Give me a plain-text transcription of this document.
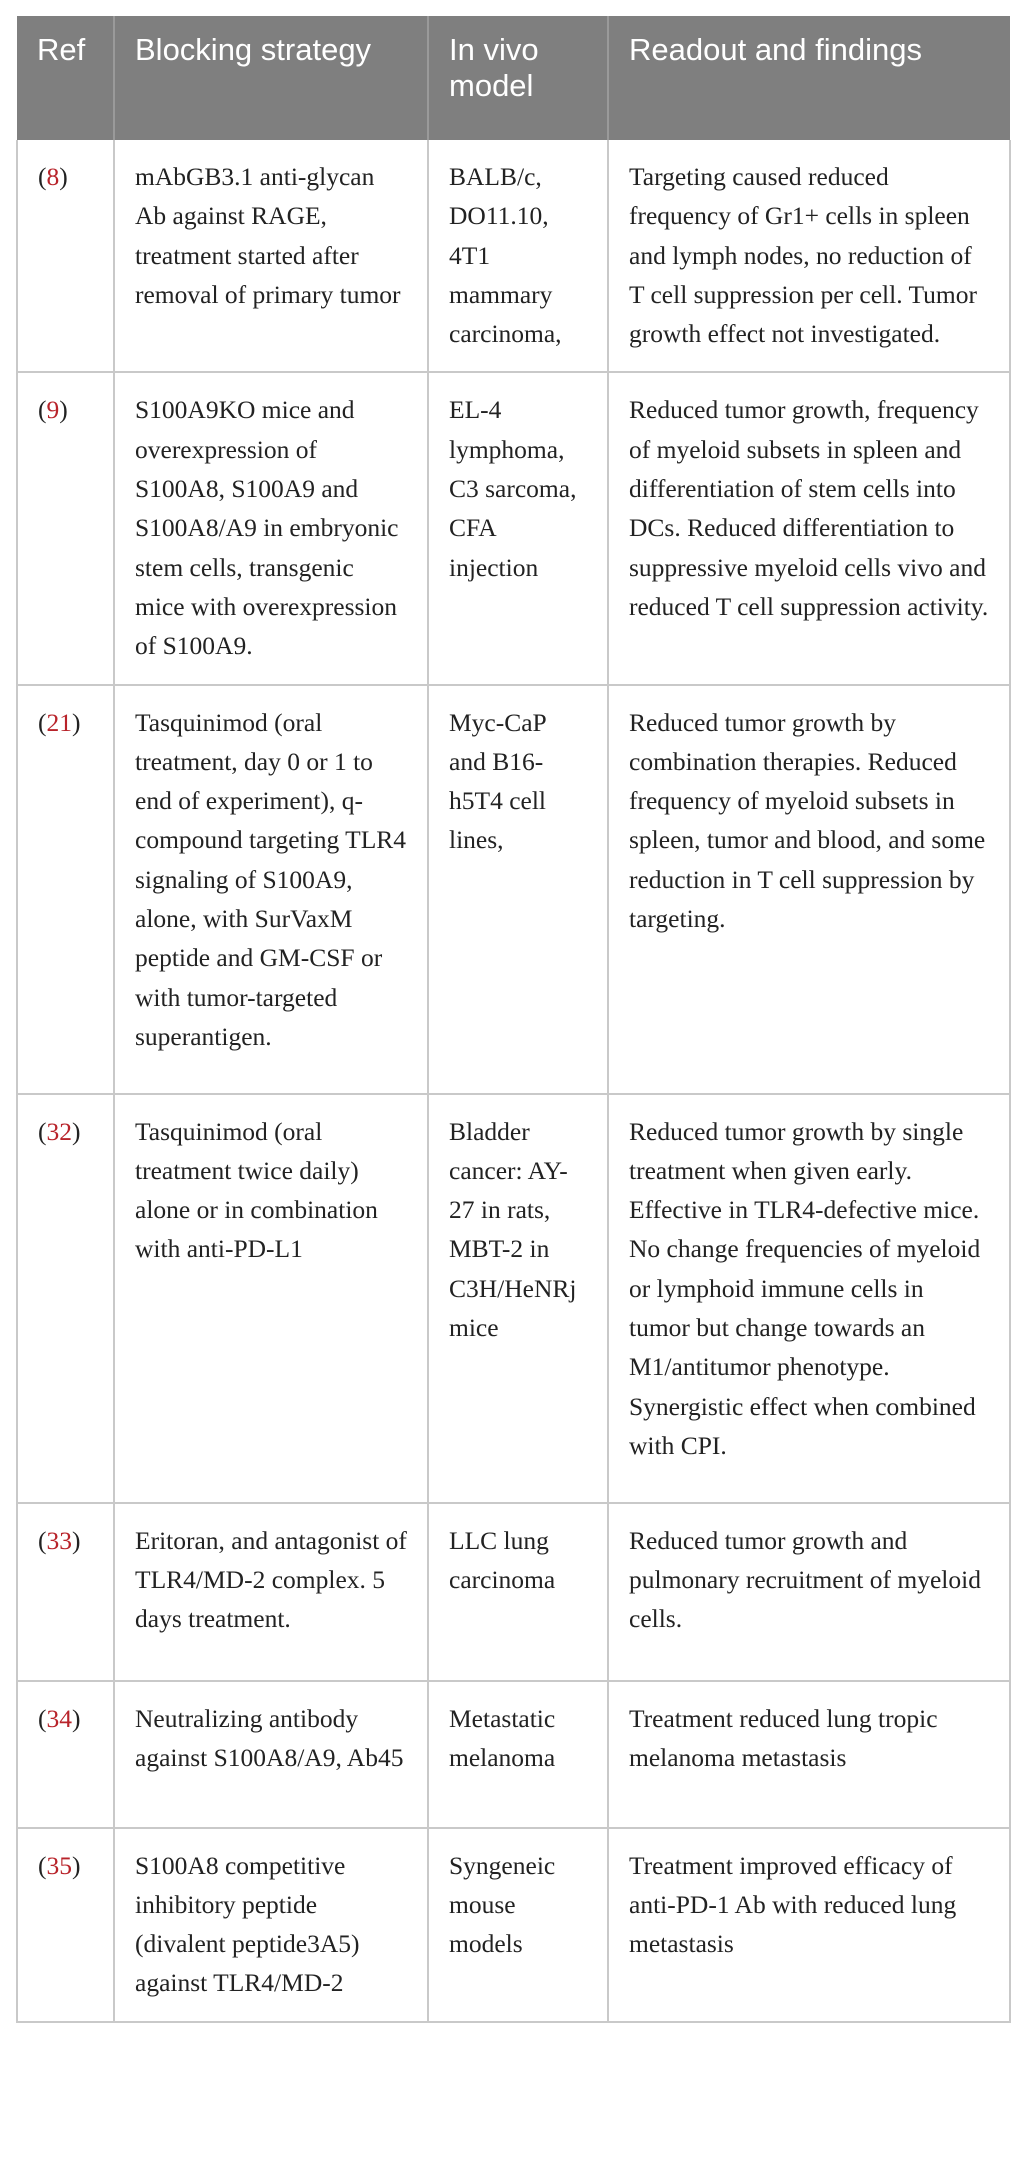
Ref	Blocking strategy	In vivo model	Readout and findings
(8)	mAbGB3.1 anti-glycan Ab against RAGE, treatment started after removal of primary tumor	BALB/c, DO11.10, 4T1 mammary carcinoma,	Targeting caused reduced frequency of Gr1+ cells in spleen and lymph nodes, no reduction of T cell suppression per cell. Tumor growth effect not investigated.
(9)	S100A9KO mice and overexpression of S100A8, S100A9 and S100A8/A9 in embryonic stem cells, transgenic mice with overexpression of S100A9.	EL-4 lymphoma, C3 sarcoma, CFA injection	Reduced tumor growth, frequency of myeloid subsets in spleen and differentiation of stem cells into DCs. Reduced differentiation to suppressive myeloid cells vivo and reduced T cell suppression activity.
(21)	Tasquinimod (oral treatment, day 0 or 1 to end of experiment), q-compound targeting TLR4 signaling of S100A9, alone, with SurVaxM peptide and GM-CSF or with tumor-targeted superantigen.	Myc-CaP and B16-h5T4 cell lines,	Reduced tumor growth by combination therapies. Reduced frequency of myeloid subsets in spleen, tumor and blood, and some reduction in T cell suppression by targeting.
(32)	Tasquinimod (oral treatment twice daily) alone or in combination with anti-PD-L1	Bladder cancer: AY-27 in rats, MBT-2 in C3H/HeNRj mice	Reduced tumor growth by single treatment when given early. Effective in TLR4-defective mice. No change frequencies of myeloid or lymphoid immune cells in tumor but change towards an M1/antitumor phenotype. Synergistic effect when combined with CPI.
(33)	Eritoran, and antagonist of TLR4/MD-2 complex. 5 days treatment.	LLC lung carcinoma	Reduced tumor growth and pulmonary recruitment of myeloid cells.
(34)	Neutralizing antibody against S100A8/A9, Ab45	Metastatic melanoma	Treatment reduced lung tropic melanoma metastasis
(35)	S100A8 competitive inhibitory peptide (divalent peptide3A5) against TLR4/MD-2	Syngeneic mouse models	Treatment improved efficacy of anti-PD-1 Ab with reduced lung metastasis
